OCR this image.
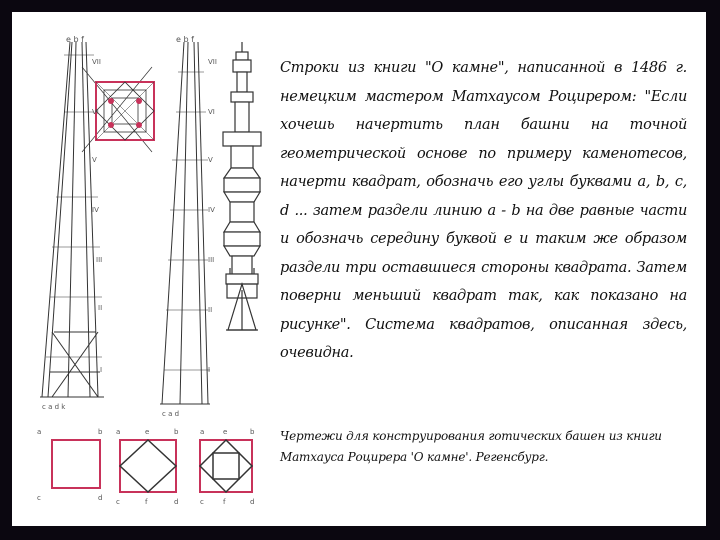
e b f
VII
VI
V
IV
III
II
I
c a d k
e b f
VII
VI
V
IV
III
II
I
c a d
a	b
c	d
a	e	b
c	f	d
a	e	b
c	f	d
Строки из книги "О камне", написанной в 1486 г. немецким мастером Матхаусом Роцирером: "Если хочешь начертить план башни на точной геометрической основе по примеру каменотесов, начерти квадрат, обозначь его углы буквами a, b, c, d ... затем раздели линию a - b на две равные части и обозначь середину буквой e и таким же образом раздели три оставшиеся стороны квадрата. Затем поверни меньший квадрат так, как показано на рисунке". Система квадратов, описанная здесь, очевидна.
Чертежи для конструирования готических башен из книги Матхауса Роцирера 'О камне'. Регенсбург.
